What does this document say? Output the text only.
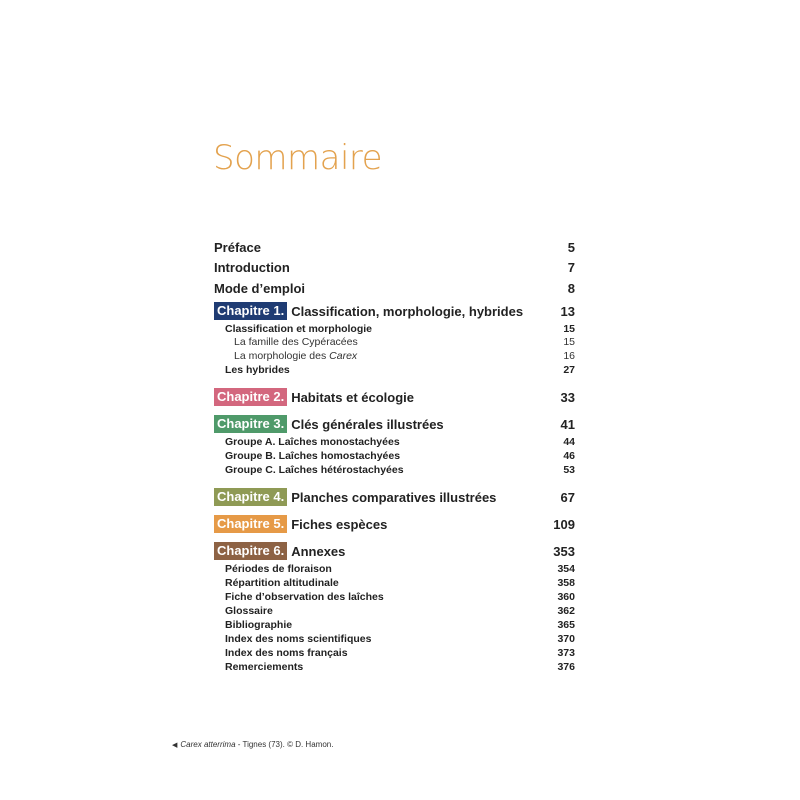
Sommaire
Préface	5
Introduction	7
Mode d’emploi	8
Chapitre 1. Classification, morphologie, hybrides	13
Classification et morphologie	15
La famille des Cypéracées	15
La morphologie des Carex	16
Les hybrides	27
Chapitre 2. Habitats et écologie	33
Chapitre 3. Clés générales illustrées	41
Groupe A. Laîches monostachyées	44
Groupe B. Laîches homostachyées	46
Groupe C. Laîches hétérostachyées	53
Chapitre 4. Planches comparatives illustrées	67
Chapitre 5. Fiches espèces	109
Chapitre 6. Annexes	353
Périodes de floraison	354
Répartition altitudinale	358
Fiche d’observation des laîches	360
Glossaire	362
Bibliographie	365
Index des noms scientifiques	370
Index des noms français	373
Remerciements	376
◀ Carex atterrima - Tignes (73). © D. Hamon.
